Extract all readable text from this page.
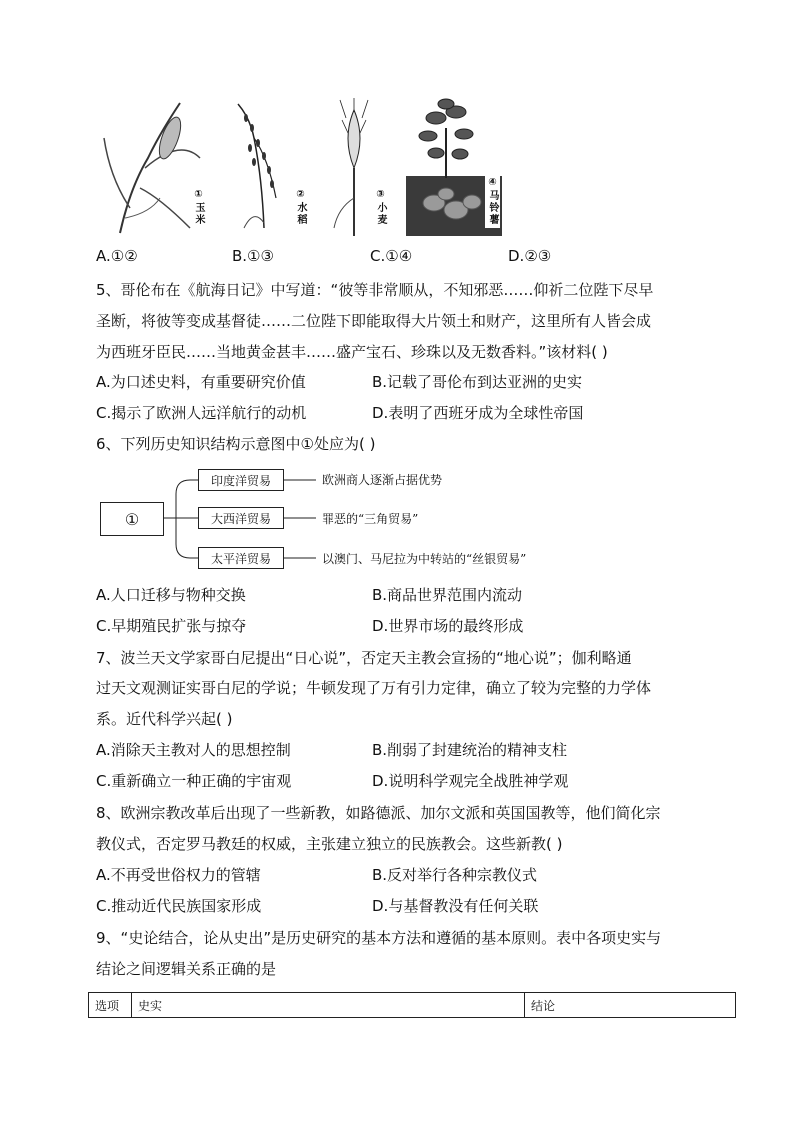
①玉米	②水稻	③小麦	④马铃薯
A.①②	B.①③	C.①④	D.②③
5、哥伦布在《航海日记》中写道：“彼等非常顺从，不知邪恶……仰祈二位陛下尽早
圣断，将彼等变成基督徒……二位陛下即能取得大片领土和财产，这里所有人皆会成
为西班牙臣民……当地黄金甚丰……盛产宝石、珍珠以及无数香料。”该材料( )
A.为口述史料，有重要研究价值	B.记载了哥伦布到达亚洲的史实
C.揭示了欧洲人远洋航行的动机	D.表明了西班牙成为全球性帝国
6、下列历史知识结构示意图中①处应为( )
①
印度洋贸易
大西洋贸易
太平洋贸易
欧洲商人逐渐占据优势
罪恶的“三角贸易”
以澳门、马尼拉为中转站的“丝银贸易”
A.人口迁移与物种交换	B.商品世界范围内流动
C.早期殖民扩张与掠夺	D.世界市场的最终形成
7、波兰天文学家哥白尼提出“日心说”，否定天主教会宣扬的“地心说”；伽利略通
过天文观测证实哥白尼的学说；牛顿发现了万有引力定律，确立了较为完整的力学体
系。近代科学兴起( )
A.消除天主教对人的思想控制	B.削弱了封建统治的精神支柱
C.重新确立一种正确的宇宙观	D.说明科学观完全战胜神学观
8、欧洲宗教改革后出现了一些新教，如路德派、加尔文派和英国国教等，他们简化宗
教仪式，否定罗马教廷的权威，主张建立独立的民族教会。这些新教( )
A.不再受世俗权力的管辖	B.反对举行各种宗教仪式
C.推动近代民族国家形成	D.与基督教没有任何关联
9、“史论结合，论从史出”是历史研究的基本方法和遵循的基本原则。表中各项史实与
结论之间逻辑关系正确的是
选项	史实	结论
